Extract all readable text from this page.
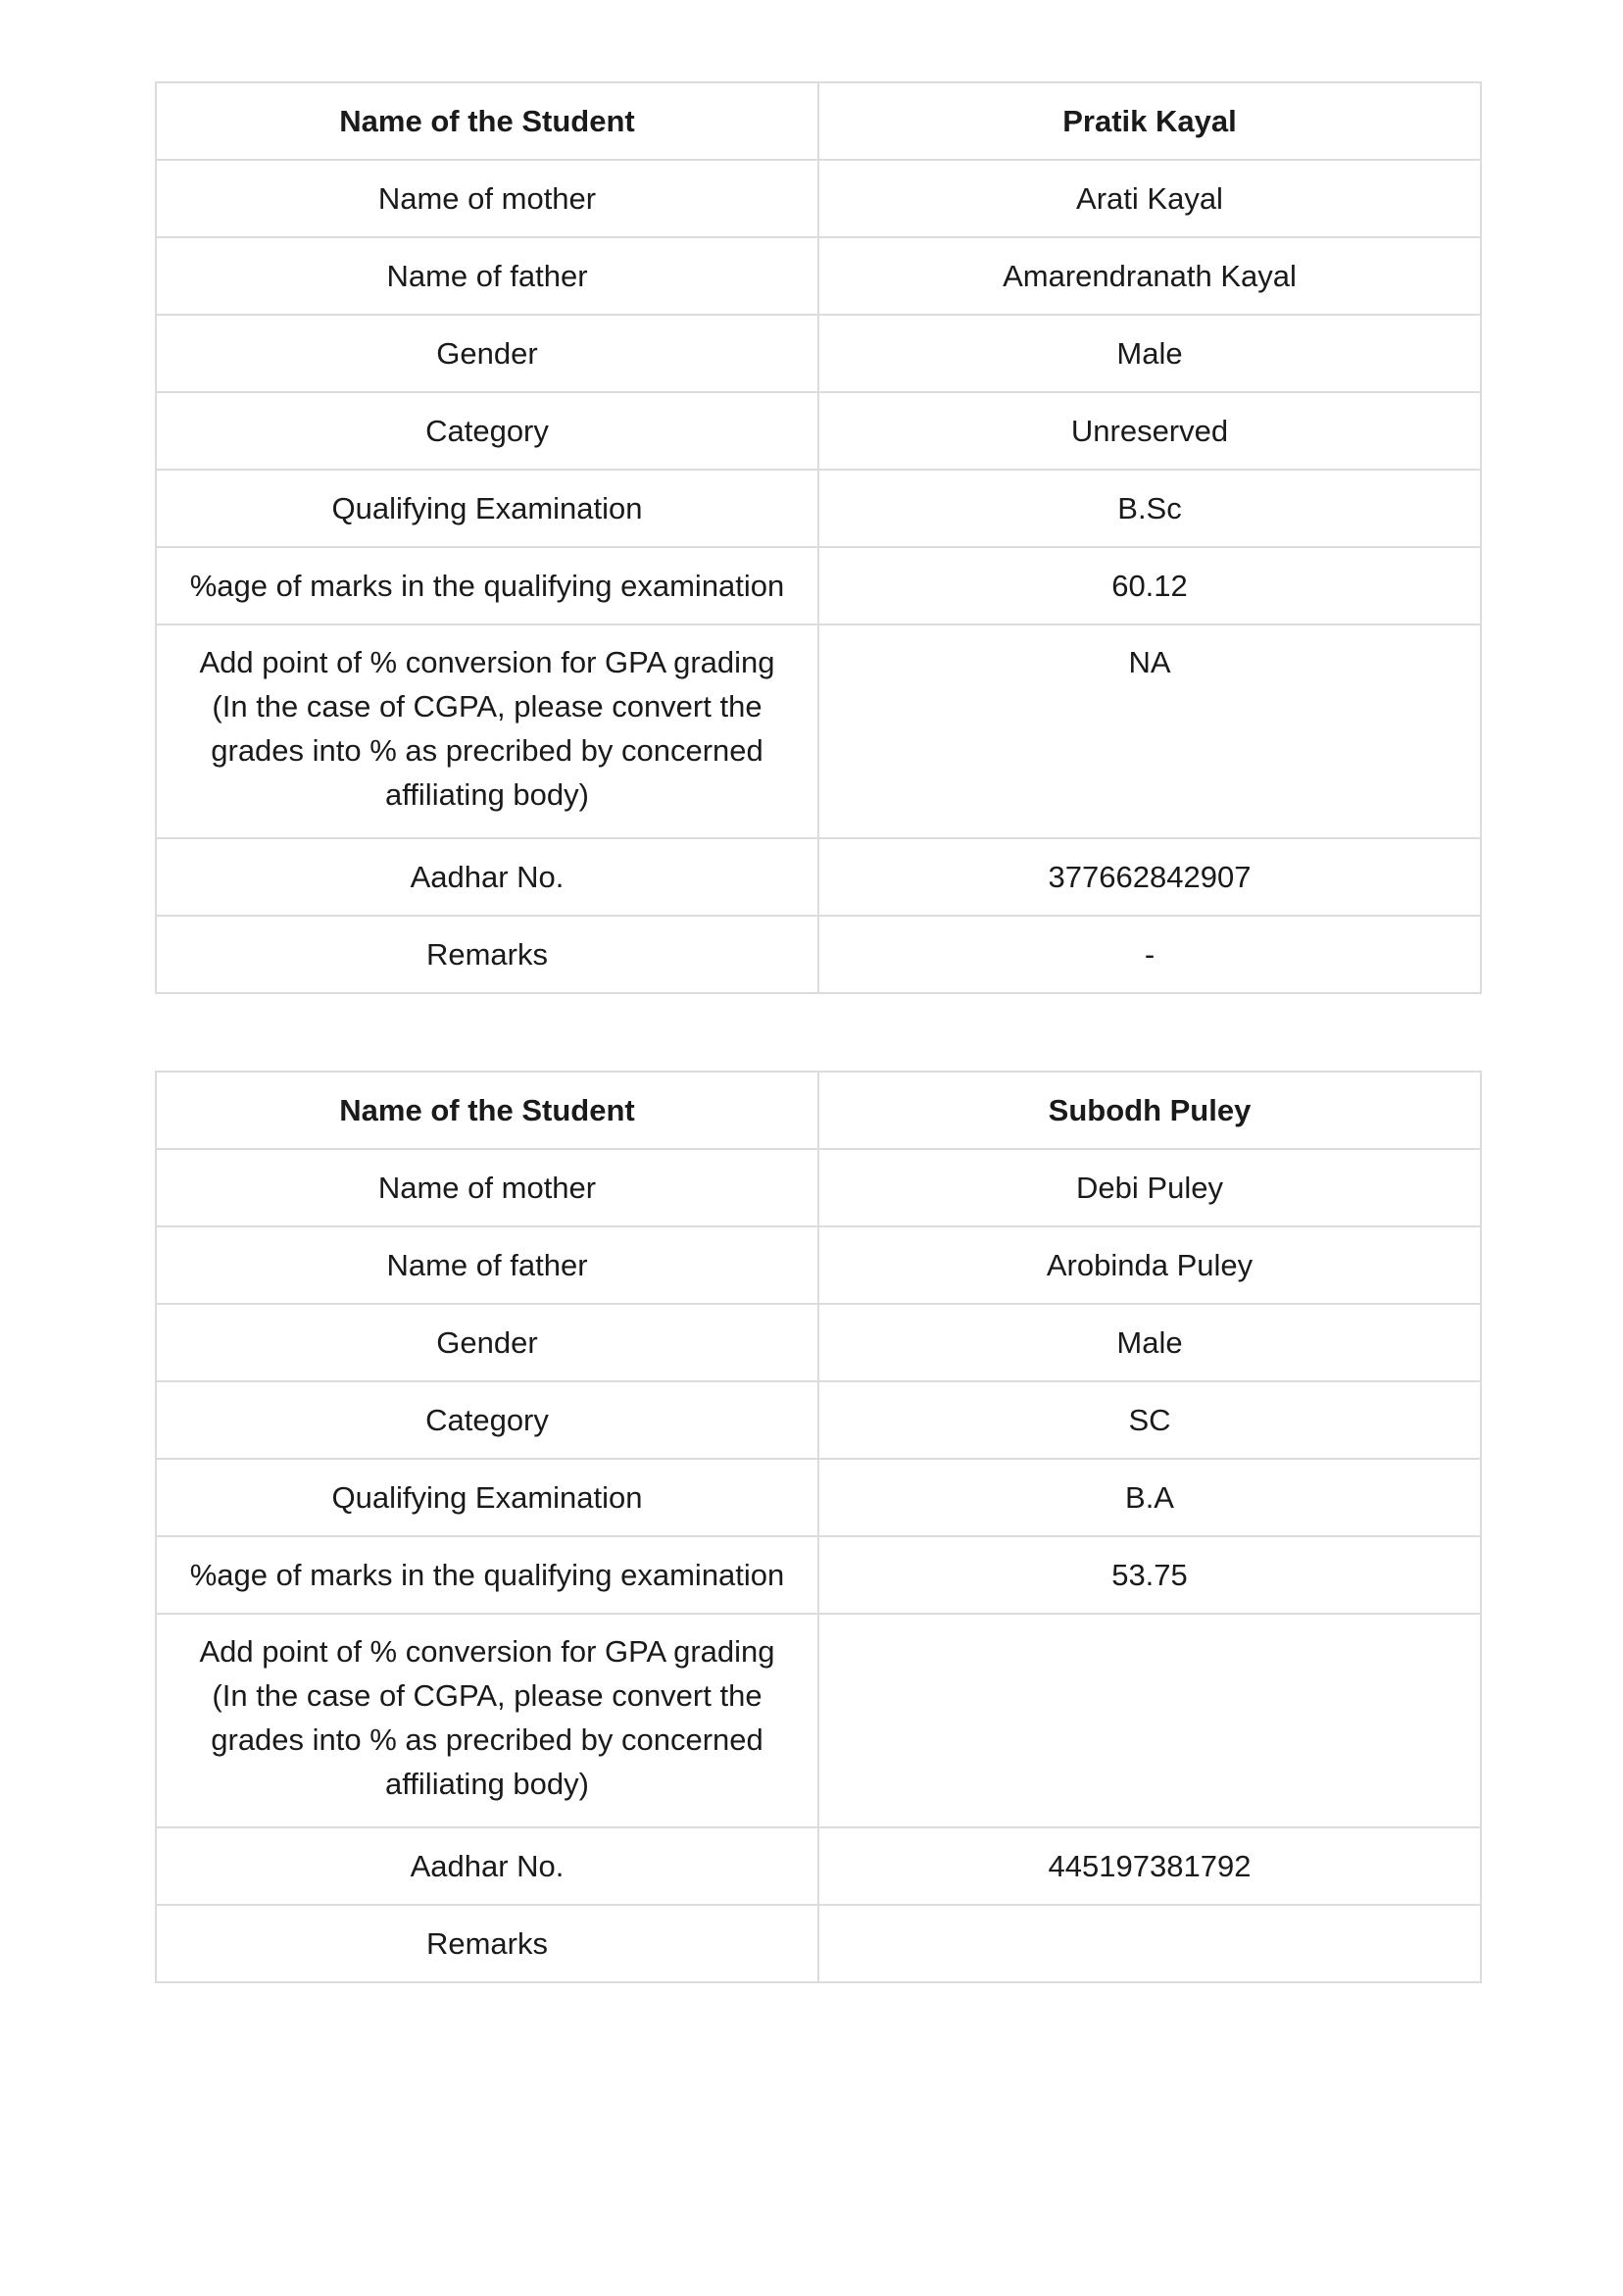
Name of the Student	Pratik Kayal
Name of mother	Arati Kayal
Name of father	Amarendranath Kayal
Gender	Male
Category	Unreserved
Qualifying Examination	B.Sc
%age of marks in the qualifying examination	60.12
Add point of % conversion for GPA grading (In the case of CGPA, please convert the grades into % as precribed by concerned affiliating body)	NA
Aadhar No.	377662842907
Remarks	-
Name of the Student	Subodh Puley
Name of mother	Debi Puley
Name of father	Arobinda Puley
Gender	Male
Category	SC
Qualifying Examination	B.A
%age of marks in the qualifying examination	53.75
Add point of % conversion for GPA grading (In the case of CGPA, please convert the grades into % as precribed by concerned affiliating body)	
Aadhar No.	445197381792
Remarks	
